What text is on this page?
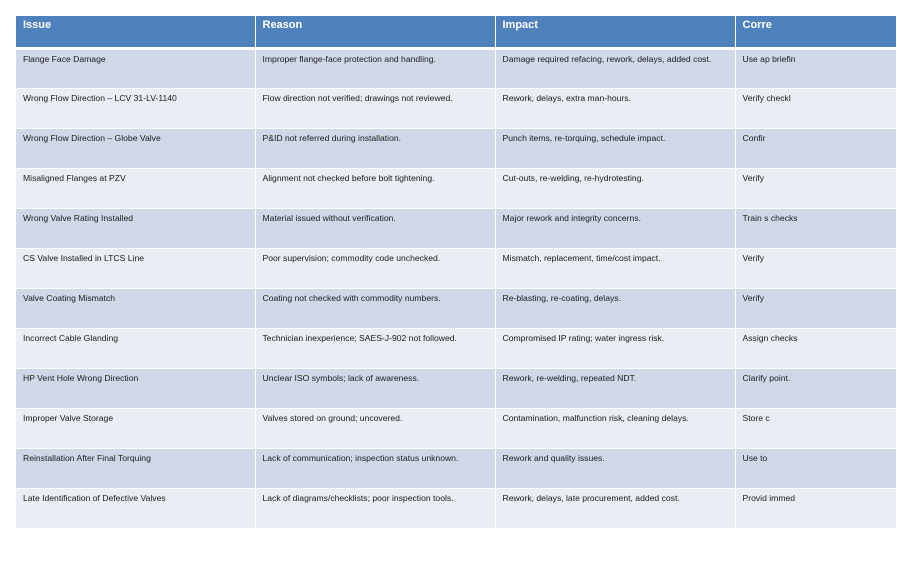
Issue	Reason	Impact	Corre
Flange Face Damage	Improper flange-face protection and handling.	Damage required refacing, rework, delays, added cost.	Use ap briefin
Wrong Flow Direction – LCV 31-LV-1140	Flow direction not verified; drawings not reviewed.	Rework, delays, extra man-hours.	Verify checkl
Wrong Flow Direction – Globe Valve	P&ID not referred during installation.	Punch items, re-torquing, schedule impact.	Confir
Misaligned Flanges at PZV	Alignment not checked before bolt tightening.	Cut-outs, re-welding, re-hydrotesting.	Verify
Wrong Valve Rating Installed	Material issued without verification.	Major rework and integrity concerns.	Train s checks
CS Valve Installed in LTCS Line	Poor supervision; commodity code unchecked.	Mismatch, replacement, time/cost impact.	Verify
Valve Coating Mismatch	Coating not checked with commodity numbers.	Re-blasting, re-coating, delays.	Verify
Incorrect Cable Glanding	Technician inexperience; SAES-J-902 not followed.	Compromised IP rating; water ingress risk.	Assign checks
HP Vent Hole Wrong Direction	Unclear ISO symbols; lack of awareness.	Rework, re-welding, repeated NDT.	Clarify point.
Improper Valve Storage	Valves stored on ground; uncovered.	Contamination, malfunction risk, cleaning delays.	Store c
Reinstallation After Final Torquing	Lack of communication; inspection status unknown.	Rework and quality issues.	Use to
Late Identification of Defective Valves	Lack of diagrams/checklists; poor inspection tools.	Rework, delays, late procurement, added cost.	Provid immed
